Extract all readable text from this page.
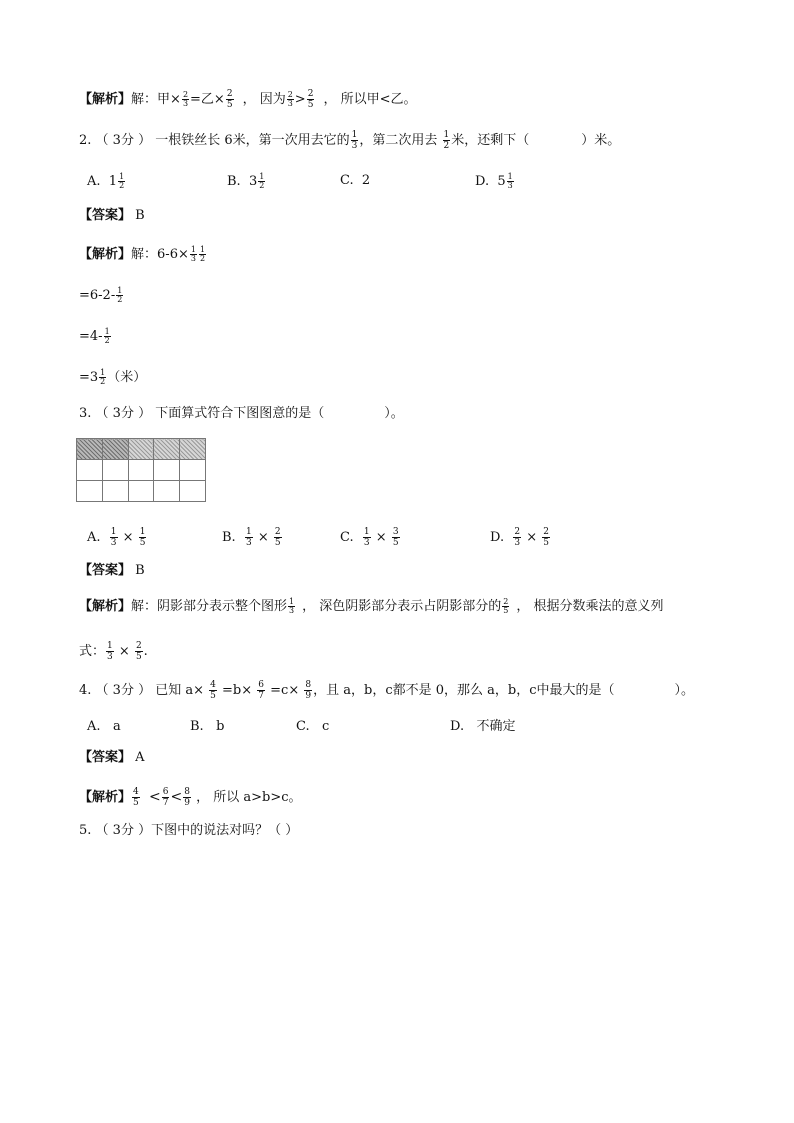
【解析】解：甲× $\frac{2}{3}$ =乙× $\frac{2}{5}$ ， 因为 $\frac{2}{3} > \frac{2}{5}$ ， 所以甲<乙。
2. （ 3分 ） 一根铁丝长 6米，第一次用去它的 $\frac{1}{3}$ ，第二次用去 $\frac{1}{2}$ 米，还剩下（	）米。
A. $1 \frac{1}{2}$	B. $3 \frac{1}{2}$	C. 2	D. $5 \frac{1}{3}$
【答案】 B
【解析】解：$6-6\times \frac{1}{3} \frac{1}{2}$
$=6-2- \frac{1}{2}$
$=4- \frac{1}{2}$
$=3 \frac{1}{2}$ （米）
3. （ 3分 ） 下面算式符合下图图意的是（	）。

A. $\frac{1}{3} \times \frac{1}{5}$	B. $\frac{1}{3} \times \frac{2}{5}$	C. $\frac{1}{3} \times \frac{3}{5}$	D. $\frac{2}{3} \times \frac{2}{5}$
【答案】 B
【解析】解：阴影部分表示整个图形 $\frac{1}{3}$ ， 深色阴影部分表示占阴影部分的 $\frac{2}{5}$ ， 根据分数乘法的意义列
式： $\frac{1}{3} \times \frac{2}{5}$ .
4. （ 3分 ） 已知 $a\times \frac{4}{5} =b\times \frac{6}{7} =c\times \frac{8}{9}$ ，且 a，b，c都不是 0，那么 a，b，c中最大的是（	）。
A. a	B. b	C. c	D. 不确定
【答案】 A
【解析】 $\frac{4}{5} < \frac{6}{7} < \frac{8}{9}$ ， 所以 a>b>c。
5. （ 3分 ）下图中的说法对吗？（ ）
